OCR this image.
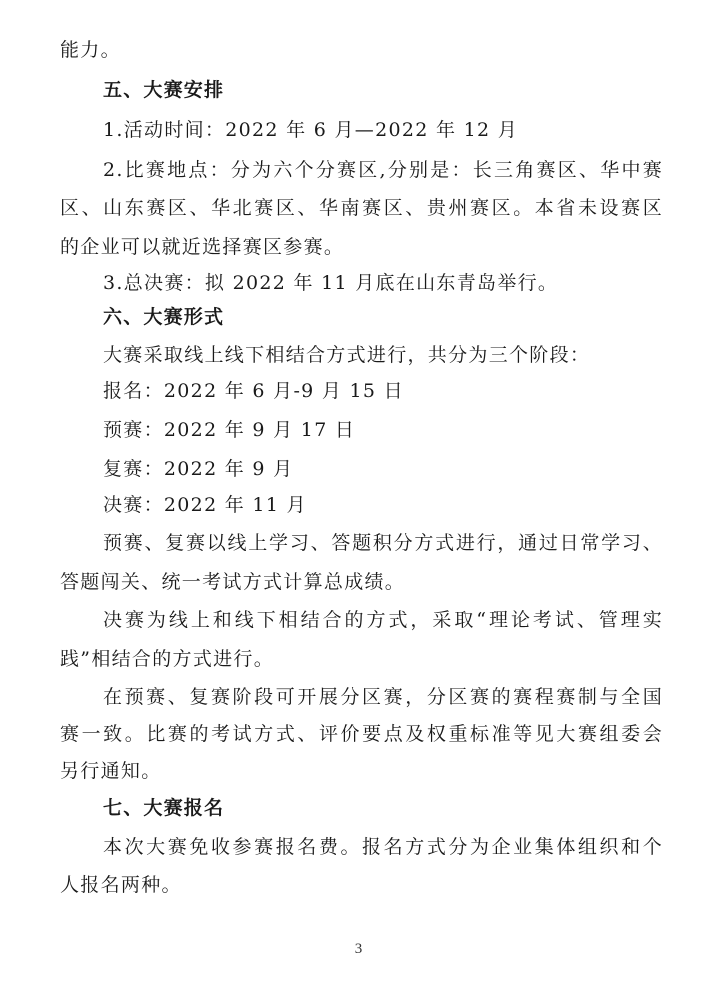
能力。
五、大赛安排
1.活动时间：2022 年 6 月—2022 年 12 月
2.比赛地点：分为六个分赛区,分别是：长三角赛区、华中赛
区、山东赛区、华北赛区、华南赛区、贵州赛区。本省未设赛区
的企业可以就近选择赛区参赛。
3.总决赛：拟 2022 年 11 月底在山东青岛举行。
六、大赛形式
大赛采取线上线下相结合方式进行，共分为三个阶段：
报名：2022 年 6 月-9 月 15 日
预赛：2022 年 9 月 17 日
复赛：2022 年 9 月
决赛：2022 年 11 月
预赛、复赛以线上学习、答题积分方式进行，通过日常学习、
答题闯关、统一考试方式计算总成绩。
决赛为线上和线下相结合的方式，采取“理论考试、管理实
践”相结合的方式进行。
在预赛、复赛阶段可开展分区赛，分区赛的赛程赛制与全国
赛一致。比赛的考试方式、评价要点及权重标准等见大赛组委会
另行通知。
七、大赛报名
本次大赛免收参赛报名费。报名方式分为企业集体组织和个
人报名两种。
3
